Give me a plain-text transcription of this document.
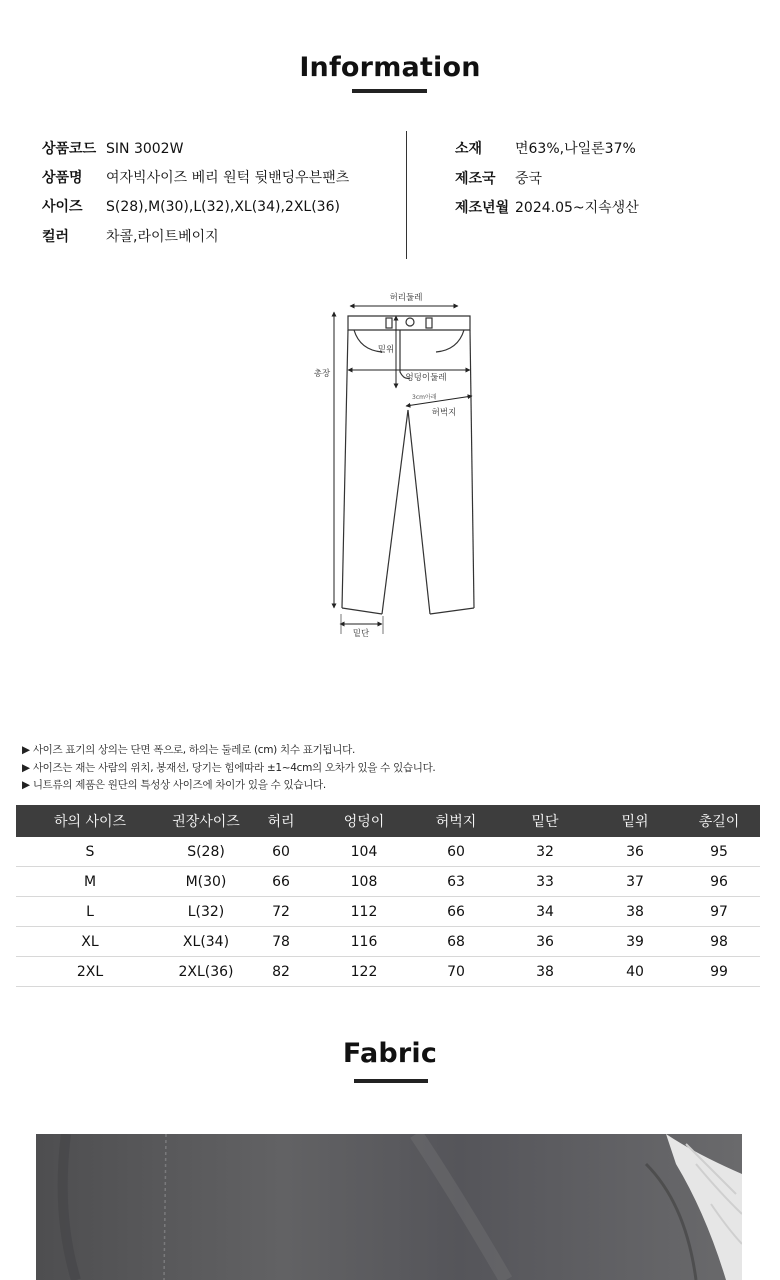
Information
상품코드 SIN 3002W
상품명 여자빅사이즈 베리 원턱 뒷밴딩우븐팬츠
사이즈 S(28),M(30),L(32),XL(34),2XL(36)
컬러	차콜,라이트베이지
소재 면63%,나일론37%
제조국 중국
제조년월 2024.05~지속생산
허리둘레
밑위
총장	엉덩이둘레
3cm아래
허벅지
밑단
▶ 사이즈 표기의 상의는 단면 폭으로, 하의는 둘레로 (cm) 치수 표기됩니다.
▶ 사이즈는 재는 사람의 위치, 봉재선, 당기는 힘에따라 ±1~4cm의 오차가 있을 수 있습니다.
▶ 니트류의 제품은 원단의 특성상 사이즈에 차이가 있을 수 있습니다.
하의 사이즈	권장사이즈	허리	엉덩이	허벅지	밑단	밑위	총길이
S	S(28)	60	104	60	32	36	95
M	M(30)	66	108	63	33	37	96
L	L(32)	72	112	66	34	38	97
XL	XL(34)	78	116	68	36	39	98
2XL	2XL(36)	82	122	70	38	40	99
Fabric
